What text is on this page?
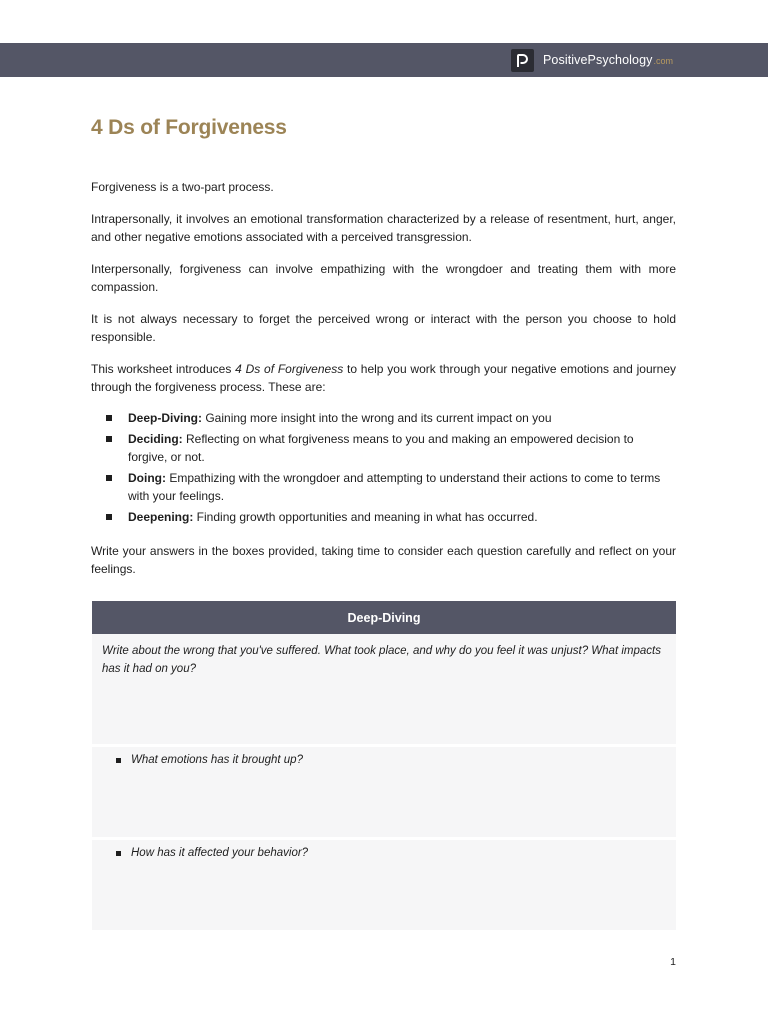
PositivePsychology .com
4 Ds of Forgiveness

Forgiveness is a two-part process.

Intrapersonally, it involves an emotional transformation characterized by a release of resentment, hurt, anger, and other negative emotions associated with a perceived transgression.

Interpersonally, forgiveness can involve empathizing with the wrongdoer and treating them with more compassion.

It is not always necessary to forget the perceived wrong or interact with the person you choose to hold responsible.

This worksheet introduces 4 Ds of Forgiveness to help you work through your negative emotions and journey through the forgiveness process. These are:

Deep-Diving: Gaining more insight into the wrong and its current impact on you
Deciding: Reflecting on what forgiveness means to you and making an empowered decision to forgive, or not.
Doing: Empathizing with the wrongdoer and attempting to understand their actions to come to terms with your feelings.
Deepening: Finding growth opportunities and meaning in what has occurred.

Write your answers in the boxes provided, taking time to consider each question carefully and reflect on your feelings.

Deep-Diving
Write about the wrong that you've suffered. What took place, and why do you feel it was unjust? What impacts has it had on you?
What emotions has it brought up?
How has it affected your behavior?
1
